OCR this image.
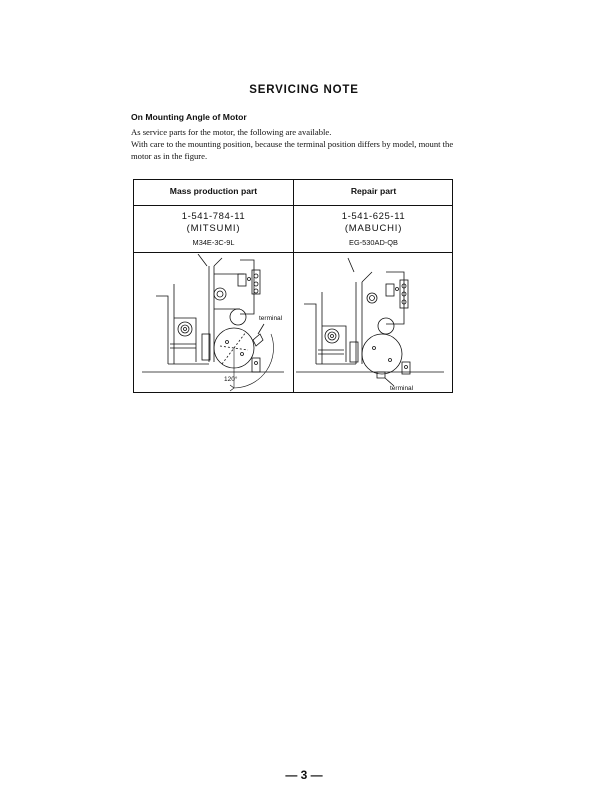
SERVICING NOTE
On Mounting Angle of Motor
As service parts for the motor, the following are available.
With care to the mounting position, because the terminal position differs by model, mount the motor as in the figure.
Mass production part	Repair part
1-541-784-11
(MITSUMI)
M34E-3C-9L
1-541-625-11
(MABUCHI)
EG-530AD-QB
terminal
120°
terminal
— 3 —
